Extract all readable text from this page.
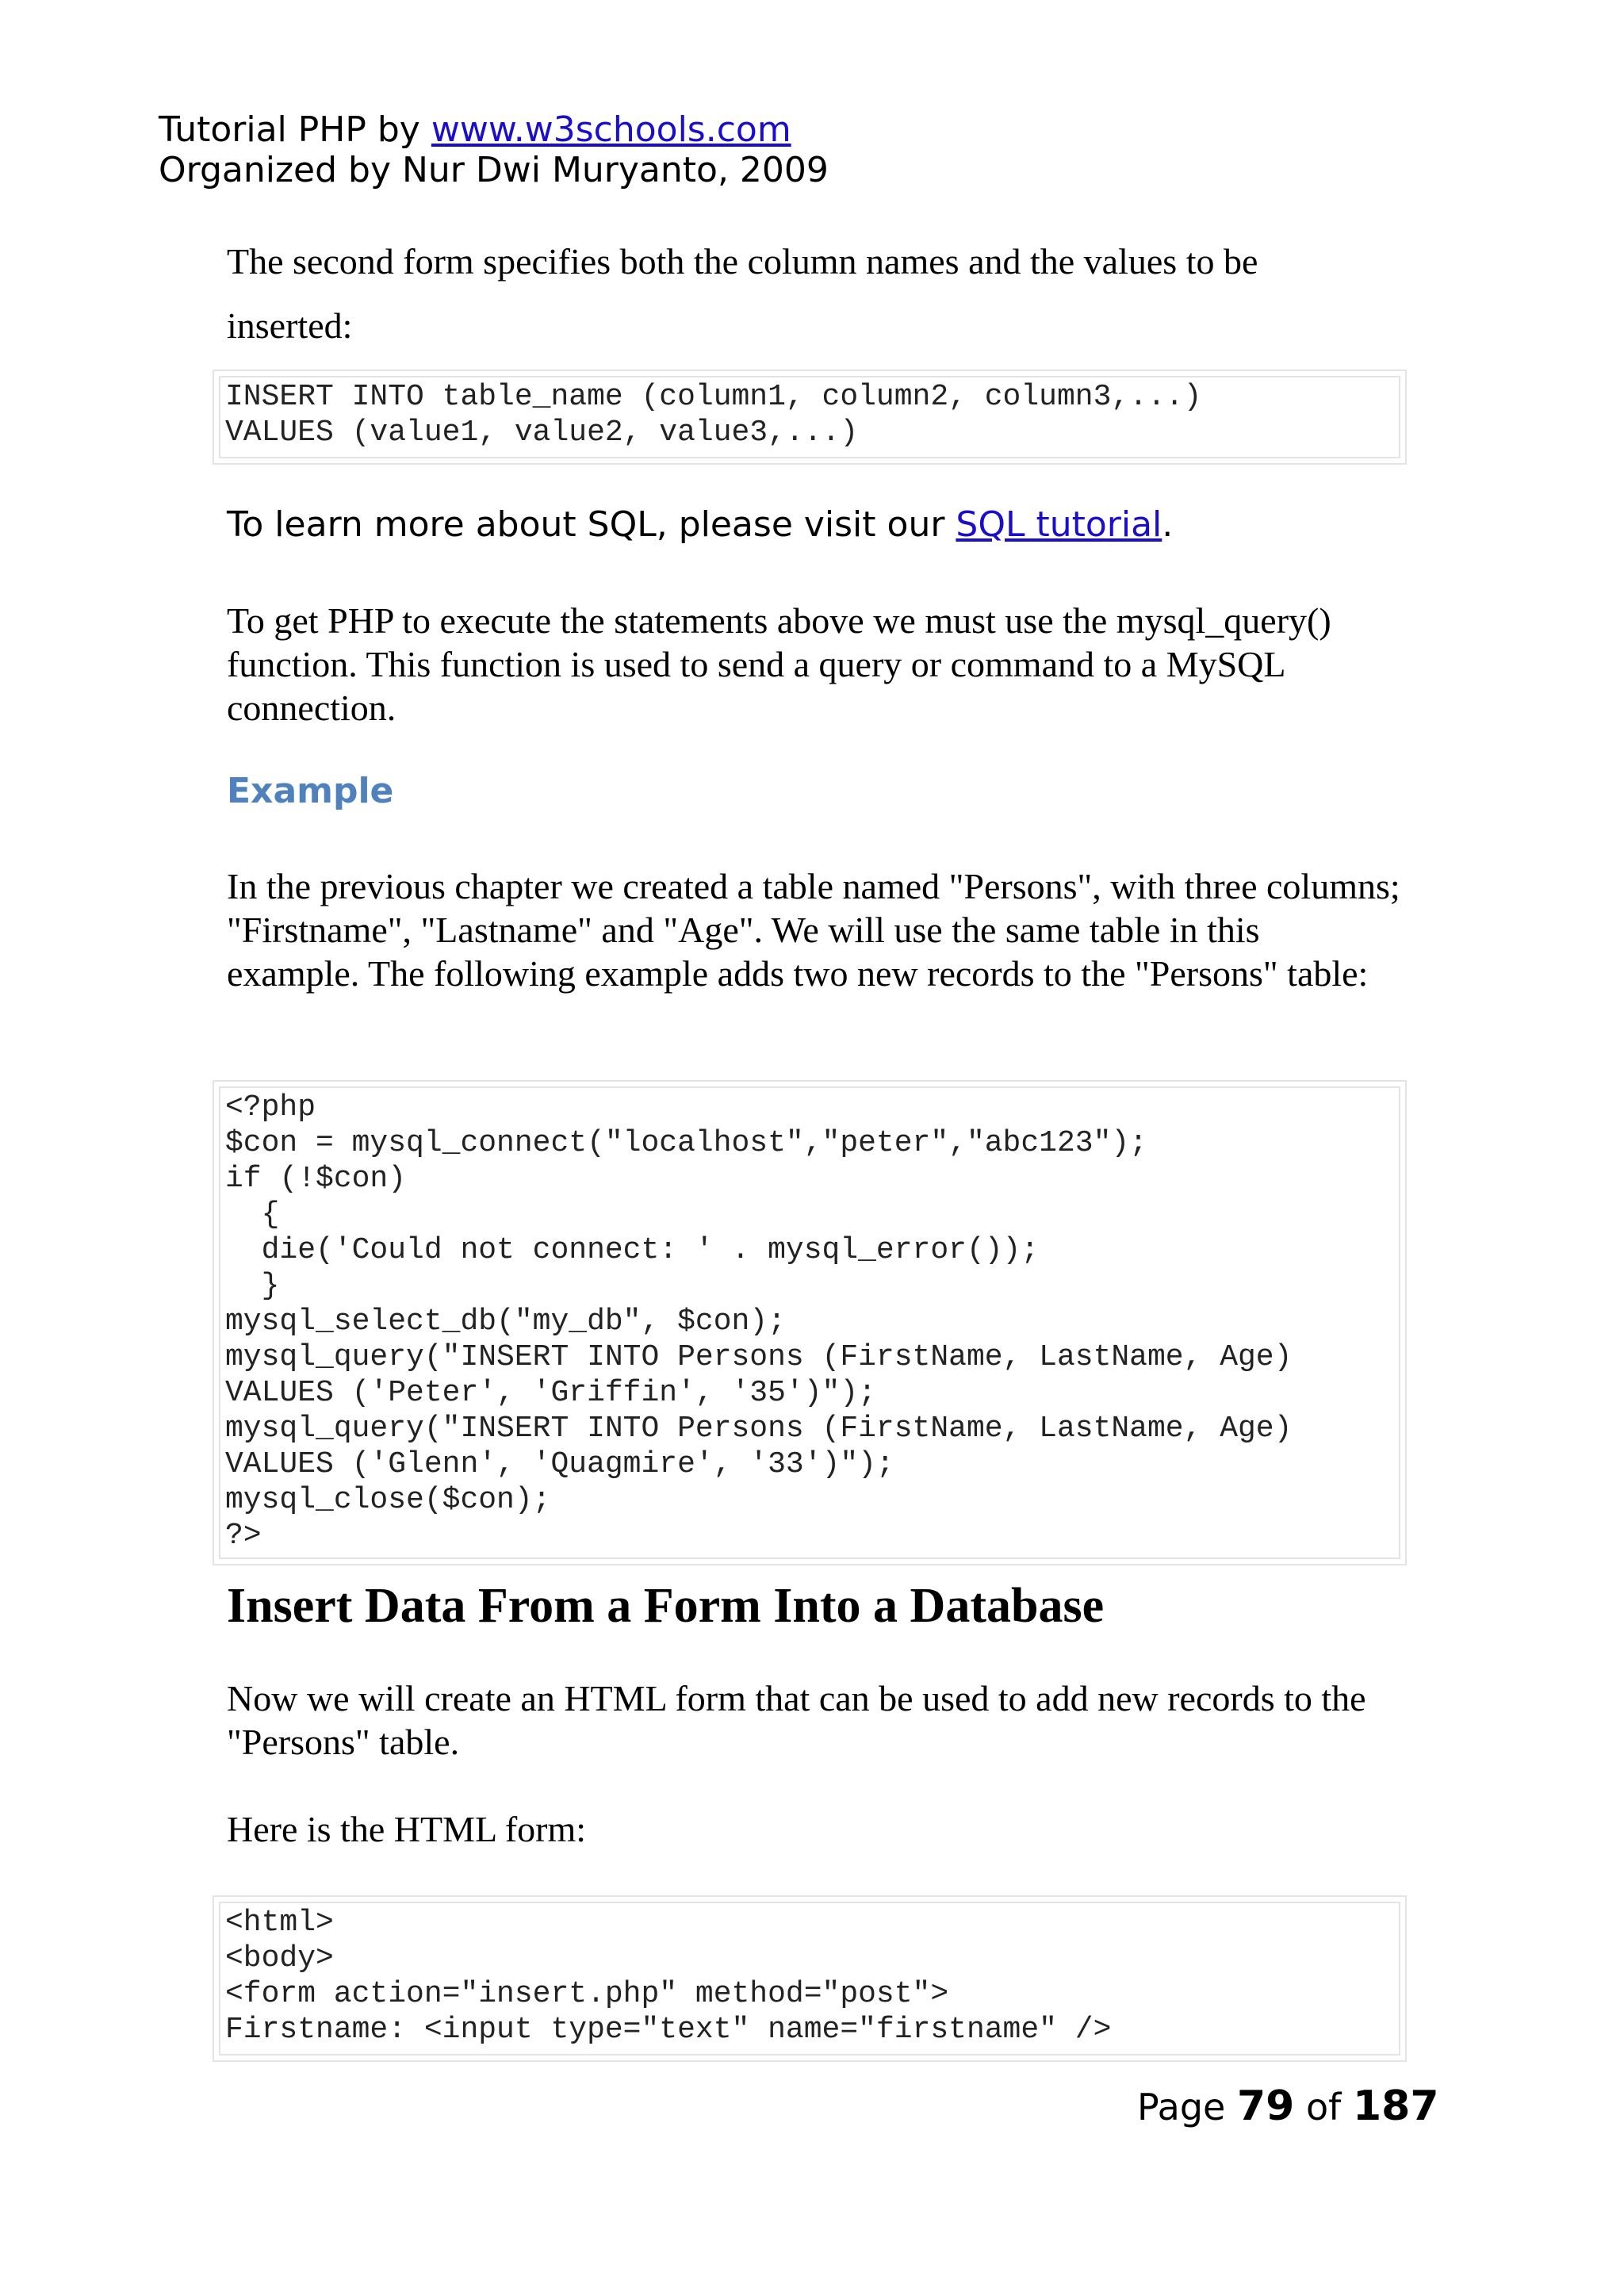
Tutorial PHP by www.w3schools.com
Organized by Nur Dwi Muryanto, 2009
The second form specifies both the column names and the values to be
inserted:
INSERT INTO table_name (column1, column2, column3,...)
VALUES (value1, value2, value3,...)
To learn more about SQL, please visit our SQL tutorial.
To get PHP to execute the statements above we must use the mysql_query() function. This function is used to send a query or command to a MySQL connection.
Example
In the previous chapter we created a table named "Persons", with three columns; "Firstname", "Lastname" and "Age". We will use the same table in this example. The following example adds two new records to the "Persons" table:
<?php
$con = mysql_connect("localhost","peter","abc123");
if (!$con)
{
die('Could not connect: ' . mysql_error());
}
mysql_select_db("my_db", $con);
mysql_query("INSERT INTO Persons (FirstName, LastName, Age)
VALUES ('Peter', 'Griffin', '35')");
mysql_query("INSERT INTO Persons (FirstName, LastName, Age)
VALUES ('Glenn', 'Quagmire', '33')");
mysql_close($con);
?>
Insert Data From a Form Into a Database
Now we will create an HTML form that can be used to add new records to the "Persons" table.
Here is the HTML form:
<html>
<body>
<form action="insert.php" method="post">
Firstname: <input type="text" name="firstname" />
Page 79 of 187
